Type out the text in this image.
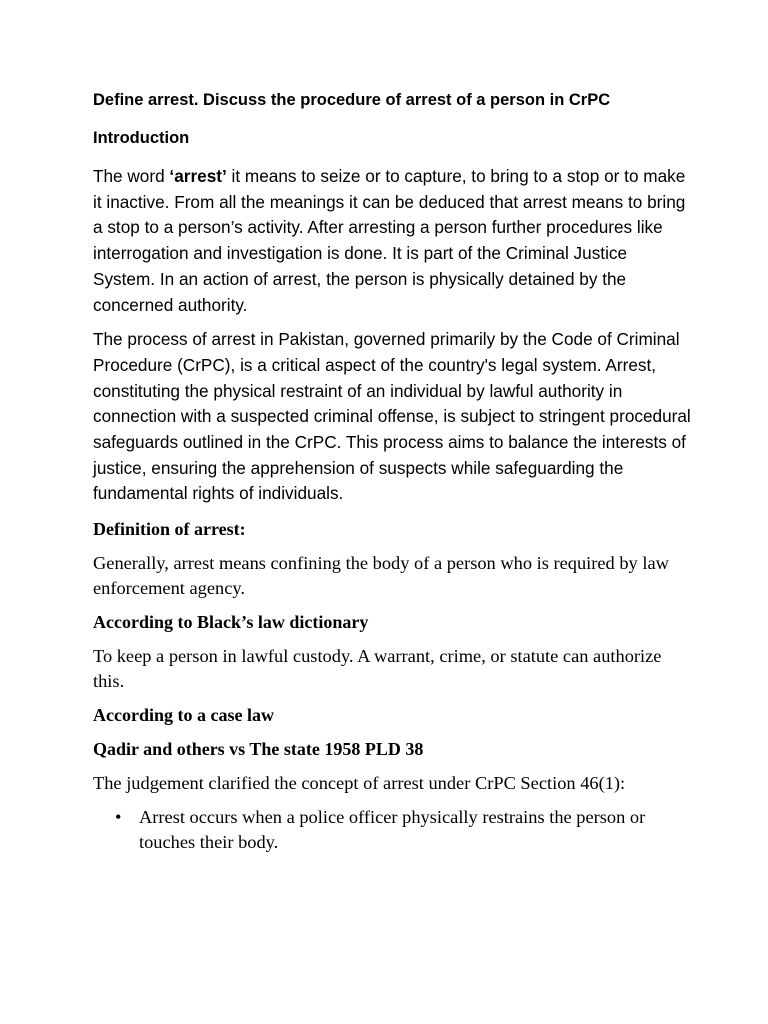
Define arrest. Discuss the procedure of arrest of a person in CrPC

Introduction

The word ‘arrest’ it means to seize or to capture, to bring to a stop or to make it inactive. From all the meanings it can be deduced that arrest means to bring a stop to a person’s activity. After arresting a person further procedures like interrogation and investigation is done. It is part of the Criminal Justice System. In an action of arrest, the person is physically detained by the concerned authority.

The process of arrest in Pakistan, governed primarily by the Code of Criminal Procedure (CrPC), is a critical aspect of the country's legal system. Arrest, constituting the physical restraint of an individual by lawful authority in connection with a suspected criminal offense, is subject to stringent procedural safeguards outlined in the CrPC. This process aims to balance the interests of justice, ensuring the apprehension of suspects while safeguarding the fundamental rights of individuals.

Definition of arrest:

Generally, arrest means confining the body of a person who is required by law enforcement agency.

According to Black’s law dictionary

To keep a person in lawful custody. A warrant, crime, or statute can authorize this.

According to a case law

Qadir and others vs The state 1958 PLD 38

The judgement clarified the concept of arrest under CrPC Section 46(1):

• Arrest occurs when a police officer physically restrains the person or touches their body.
